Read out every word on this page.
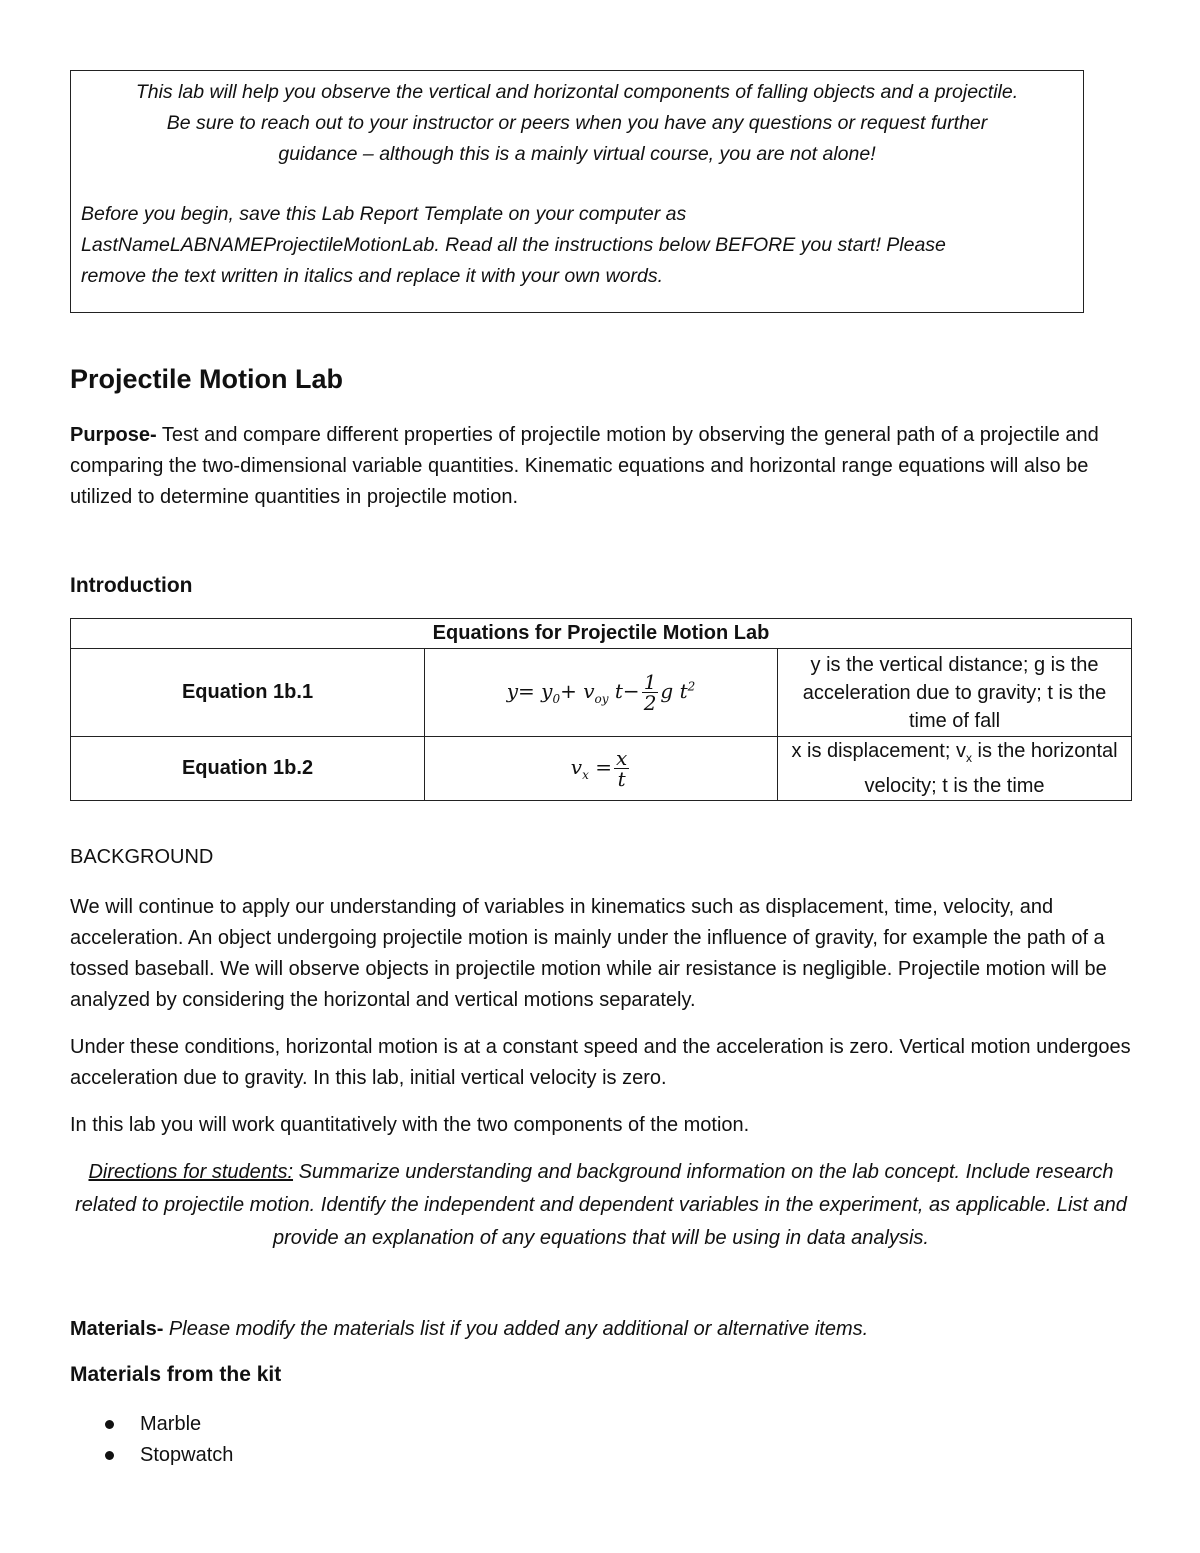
This lab will help you observe the vertical and horizontal components of falling objects and a projectile.
Be sure to reach out to your instructor or peers when you have any questions or request further
guidance – although this is a mainly virtual course, you are not alone!
Before you begin, save this Lab Report Template on your computer as
LastNameLABNAMEProjectileMotionLab. Read all the instructions below BEFORE you start! Please
remove the text written in italics and replace it with your own words.
Projectile Motion Lab

Purpose- Test and compare different properties of projectile motion by observing the general path of a projectile and comparing the two-dimensional variable quantities. Kinematic equations and horizontal range equations will also be utilized to determine quantities in projectile motion.

Introduction
Equations for Projectile Motion Lab		
Equation 1b.1	$y= y_0+ v_{oy}$ $t- \frac{1}{2}$ g $t^2$	y is the vertical distance; g is the acceleration due to gravity; t is the time of fall
Equation 1b.2	$v_x = \frac{x}{t}$	x is displacement; $v_x$ is the horizontal velocity; t is the time

BACKGROUND

We will continue to apply our understanding of variables in kinematics such as displacement, time, velocity, and acceleration. An object undergoing projectile motion is mainly under the influence of gravity, for example the path of a tossed baseball. We will observe objects in projectile motion while air resistance is negligible. Projectile motion will be analyzed by considering the horizontal and vertical motions separately.

Under these conditions, horizontal motion is at a constant speed and the acceleration is zero. Vertical motion undergoes acceleration due to gravity. In this lab, initial vertical velocity is zero.

In this lab you will work quantitatively with the two components of the motion.

Directions for students: Summarize understanding and background information on the lab concept. Include research related to projectile motion. Identify the independent and dependent variables in the experiment, as applicable. List and provide an explanation of any equations that will be using in data analysis.

Materials- Please modify the materials list if you added any additional or alternative items.

Materials from the kit
Marble
Stopwatch
